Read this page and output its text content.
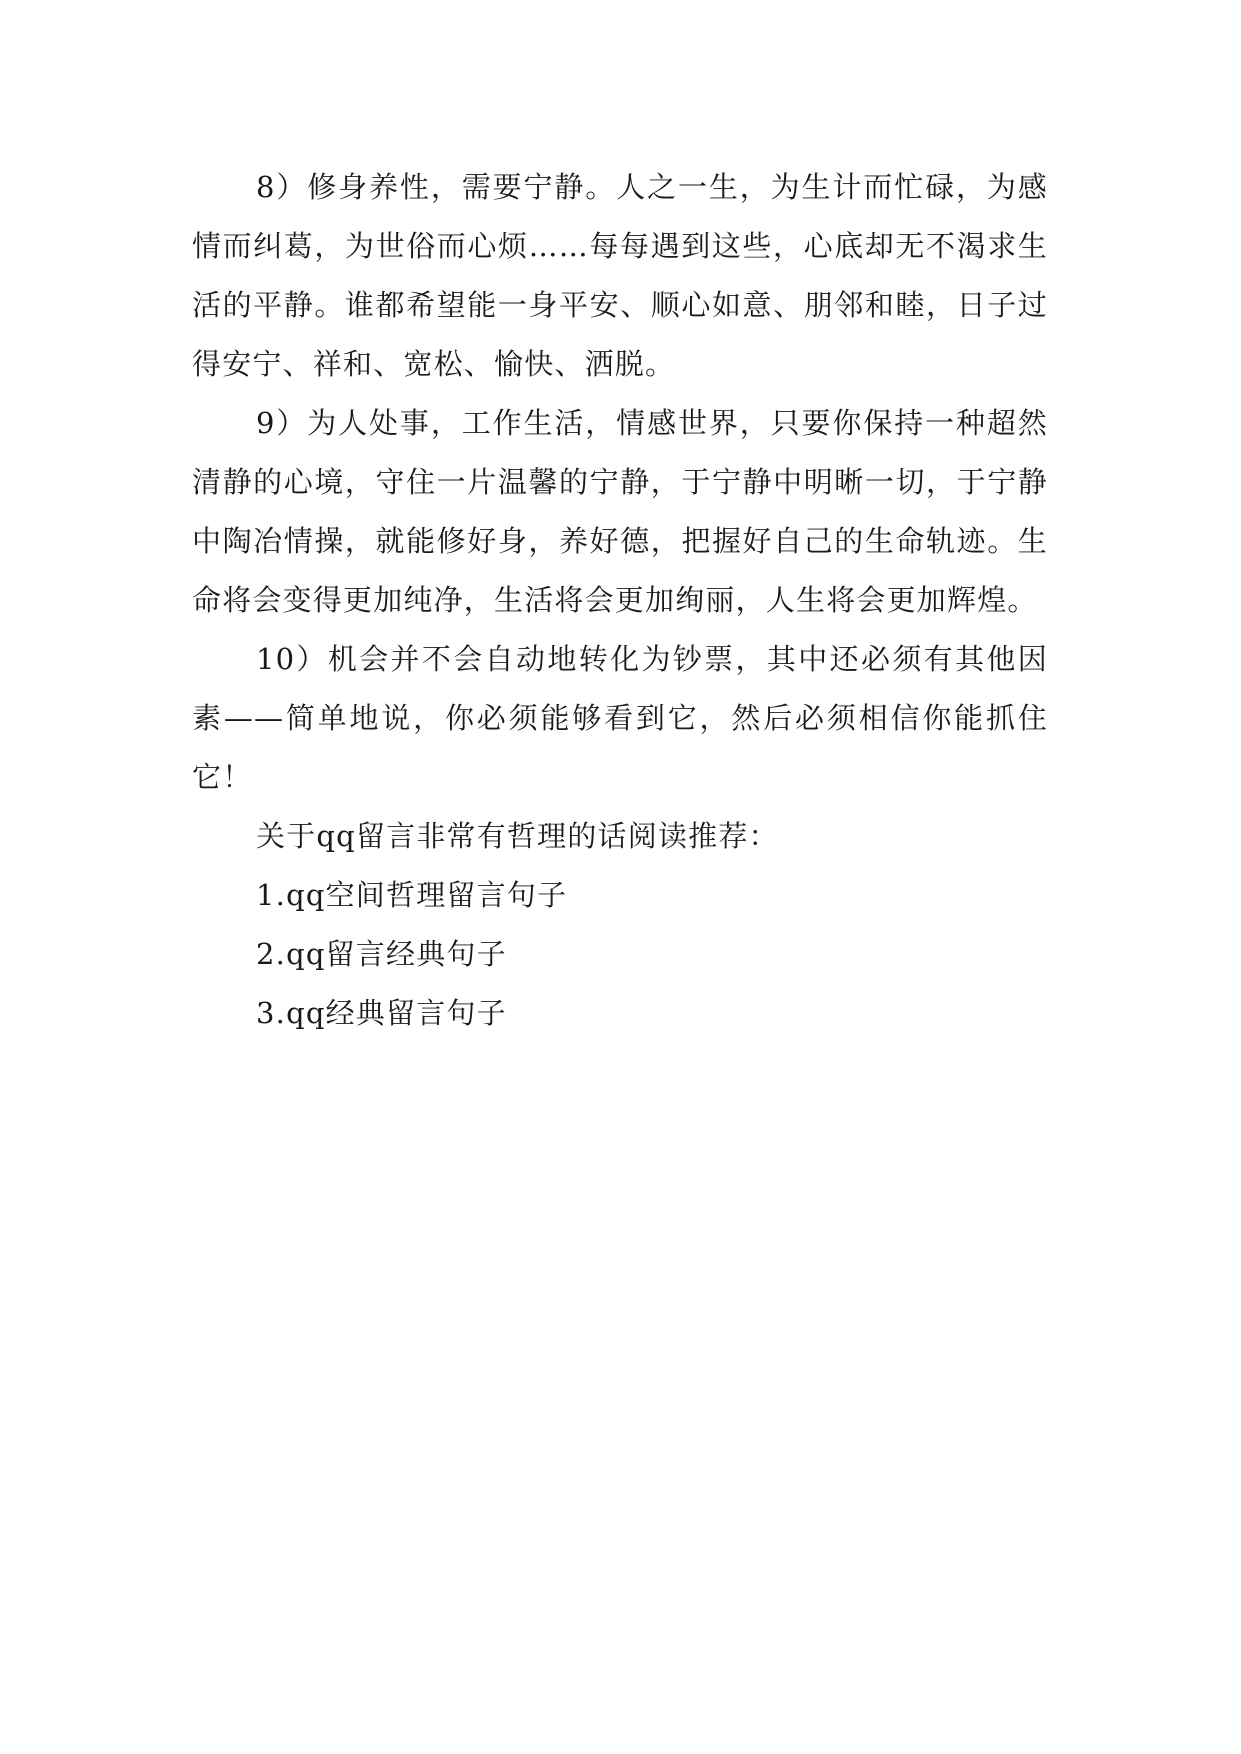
8）修身养性，需要宁静。人之一生，为生计而忙碌，为感情而纠葛，为世俗而心烦……每每遇到这些，心底却无不渴求生活的平静。谁都希望能一身平安、顺心如意、朋邻和睦，日子过得安宁、祥和、宽松、愉快、洒脱。

9）为人处事，工作生活，情感世界，只要你保持一种超然清静的心境，守住一片温馨的宁静，于宁静中明晰一切，于宁静中陶冶情操，就能修好身，养好德，把握好自己的生命轨迹。生命将会变得更加纯净，生活将会更加绚丽，人生将会更加辉煌。

10）机会并不会自动地转化为钞票，其中还必须有其他因素——简单地说，你必须能够看到它，然后必须相信你能抓住它！

关于qq留言非常有哲理的话阅读推荐：

1.qq空间哲理留言句子
2.qq留言经典句子
3.qq经典留言句子
